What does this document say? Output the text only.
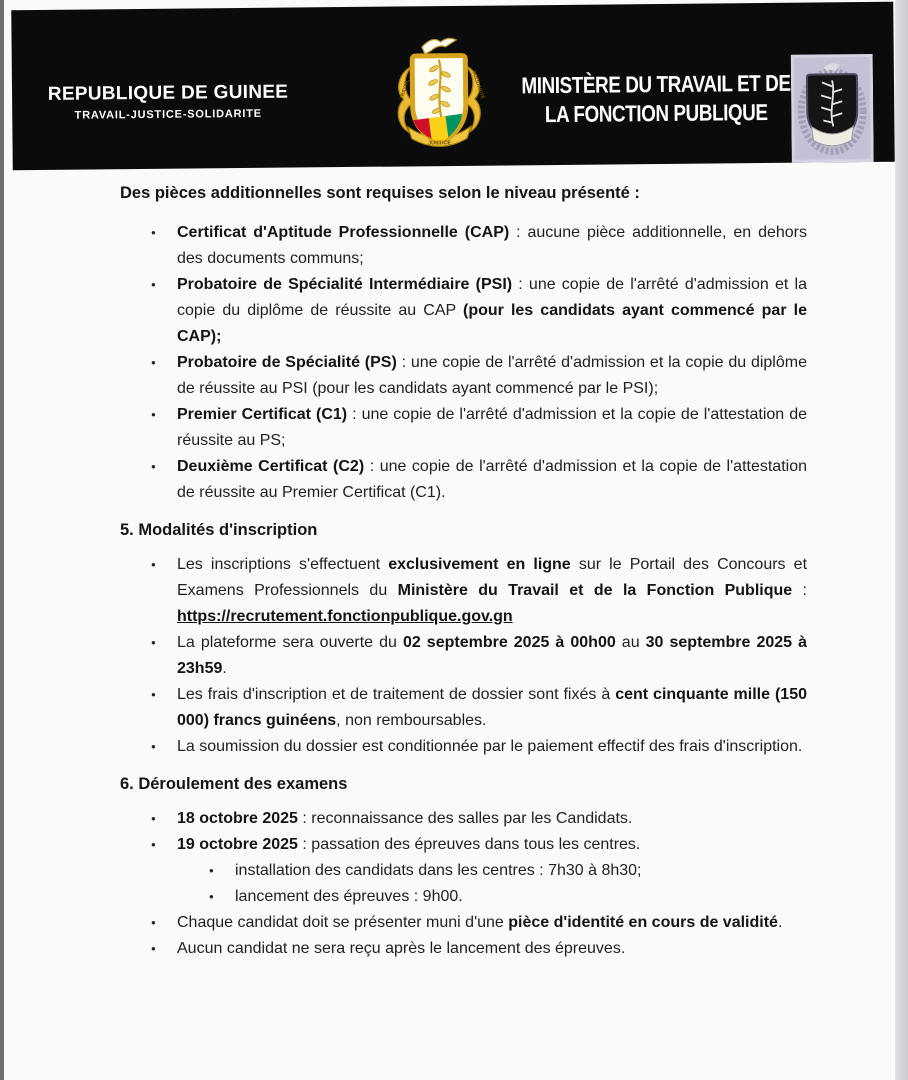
REPUBLIQUE DE GUINEE
TRAVAIL-JUSTICE-SOLIDARITE
TRAVAIL
JUSTICE
SOLIDARITÉ MINISTÈRE DU TRAVAIL ET DE
LA FONCTION PUBLIQUE

Des pièces additionnelles sont requises selon le niveau présenté :

● Certificat d'Aptitude Professionnelle (CAP) : aucune pièce additionnelle, en dehors des documents communs;
● Probatoire de Spécialité Intermédiaire (PSI) : une copie de l'arrêté d'admission et la copie du diplôme de réussite au CAP (pour les candidats ayant commencé par le CAP);
● Probatoire de Spécialité (PS) : une copie de l'arrêté d'admission et la copie du diplôme de réussite au PSI (pour les candidats ayant commencé par le PSI);
● Premier Certificat (C1) : une copie de l'arrêté d'admission et la copie de l'attestation de réussite au PS;
● Deuxième Certificat (C2) : une copie de l'arrêté d'admission et la copie de l'attestation de réussite au Premier Certificat (C1).
5. Modalités d'inscription
● Les inscriptions s'effectuent exclusivement en ligne sur le Portail des Concours et Examens Professionnels du Ministère du Travail et de la Fonction Publique : https://recrutement.fonctionpublique.gov.gn
● La plateforme sera ouverte du 02 septembre 2025 à 00h00 au 30 septembre 2025 à 23h59.
● Les frais d'inscription et de traitement de dossier sont fixés à cent cinquante mille (150 000) francs guinéens, non remboursables.
● La soumission du dossier est conditionnée par le paiement effectif des frais d'inscription.
6. Déroulement des examens
● 18 octobre 2025 : reconnaissance des salles par les Candidats.
● 19 octobre 2025 : passation des épreuves dans tous les centres.
● installation des candidats dans les centres : 7h30 à 8h30;
● lancement des épreuves : 9h00.
● Chaque candidat doit se présenter muni d'une pièce d'identité en cours de validité.
● Aucun candidat ne sera reçu après le lancement des épreuves.
